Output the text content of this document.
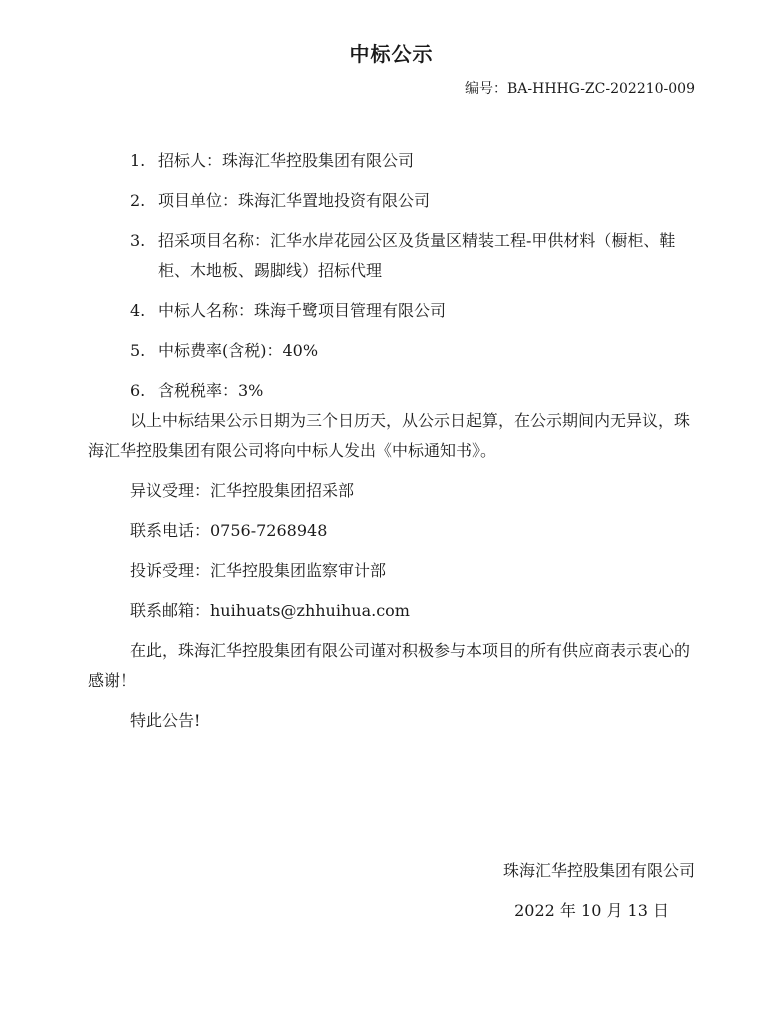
中标公示
编号：BA-HHHG-ZC-202210-009
1. 招标人：珠海汇华控股集团有限公司
2. 项目单位：珠海汇华置地投资有限公司
3. 招采项目名称：汇华水岸花园公区及货量区精装工程-甲供材料（橱柜、鞋柜、木地板、踢脚线）招标代理
4. 中标人名称：珠海千鹭项目管理有限公司
5. 中标费率(含税)：40%
6. 含税税率：3%

以上中标结果公示日期为三个日历天，从公示日起算，在公示期间内无异议，珠海汇华控股集团有限公司将向中标人发出《中标通知书》。

异议受理：汇华控股集团招采部

联系电话：0756-7268948

投诉受理：汇华控股集团监察审计部

联系邮箱：huihuats@zhhuihua.com

在此，珠海汇华控股集团有限公司谨对积极参与本项目的所有供应商表示衷心的感谢！

特此公告!

珠海汇华控股集团有限公司
2022 年 10 月 13 日
